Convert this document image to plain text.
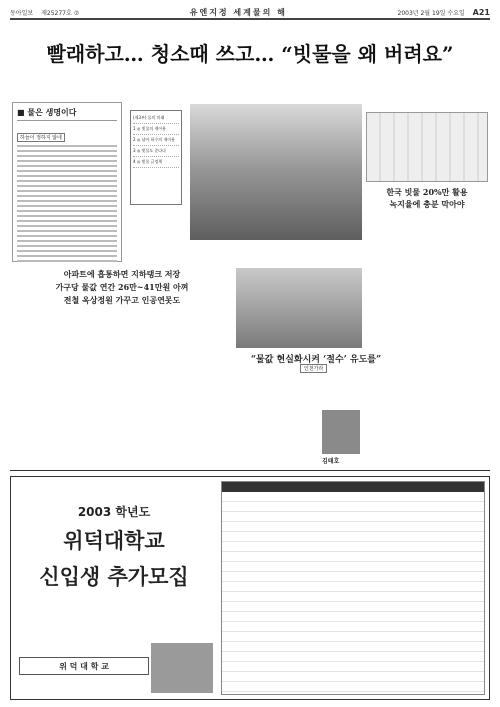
동아일보 제25277호 ⑦	유엔지정 세계물의 해	2003년 2월 19일 수요일 A21
빨래하고… 청소때 쓰고… “빗물을 왜 버려요”
■ 물은 생명이다
하늘이 정하지 않네
(제3부) 물의 미래
1 ◎ 빗물의 재이용
2 ◎ 남아 하수의 재이용
3 ◎ 빗물도 준다다
4 ◎ 빗물 급정책
한국 빗물 20%만 활용
녹지율에 충분 막아야
아파트에 흡통하면 지하탱크 저장
가구당 물값 연간 26만~41만원 아껴
전철 옥상정원 가꾸고 인공연못도
“물값 현실화시켜 ‘절수’ 유도를”
인천가라
김태호
2003 학년도
위덕대학교
신입생 추가모집
위 덕 대 학 교
